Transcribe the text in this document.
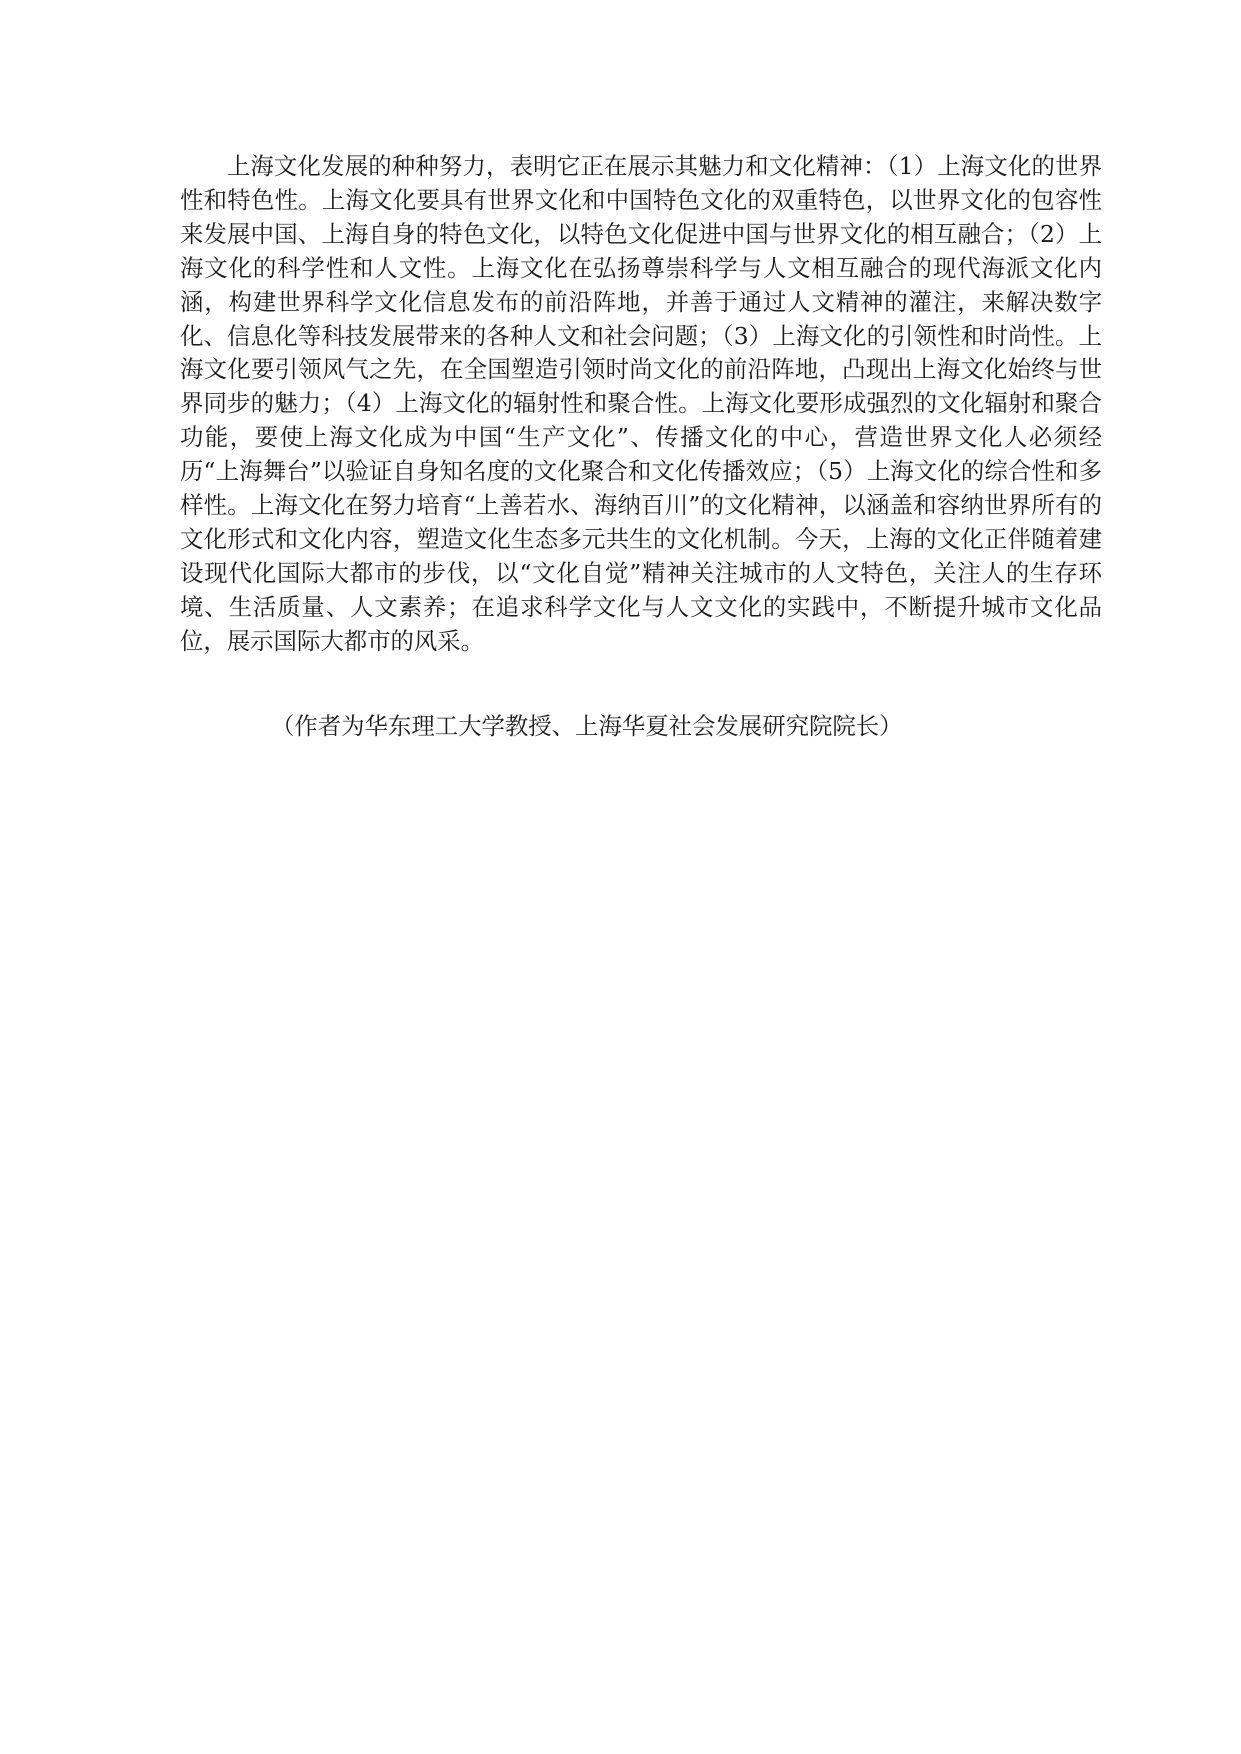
上海文化发展的种种努力，表明它正在展示其魅力和文化精神：（1）上海文化的世界性和特色性。上海文化要具有世界文化和中国特色文化的双重特色，以世界文化的包容性来发展中国、上海自身的特色文化，以特色文化促进中国与世界文化的相互融合；（2）上海文化的科学性和人文性。上海文化在弘扬尊崇科学与人文相互融合的现代海派文化内涵，构建世界科学文化信息发布的前沿阵地，并善于通过人文精神的灌注，来解决数字化、信息化等科技发展带来的各种人文和社会问题；（3）上海文化的引领性和时尚性。上海文化要引领风气之先，在全国塑造引领时尚文化的前沿阵地，凸现出上海文化始终与世界同步的魅力；（4）上海文化的辐射性和聚合性。上海文化要形成强烈的文化辐射和聚合功能，要使上海文化成为中国“生产文化”、传播文化的中心，营造世界文化人必须经历“上海舞台”以验证自身知名度的文化聚合和文化传播效应；（5）上海文化的综合性和多样性。上海文化在努力培育“上善若水、海纳百川”的文化精神，以涵盖和容纳世界所有的文化形式和文化内容，塑造文化生态多元共生的文化机制。今天，上海的文化正伴随着建设现代化国际大都市的步伐，以“文化自觉”精神关注城市的人文特色，关注人的生存环境、生活质量、人文素养；在追求科学文化与人文文化的实践中，不断提升城市文化品位，展示国际大都市的风采。

（作者为华东理工大学教授、上海华夏社会发展研究院院长）
